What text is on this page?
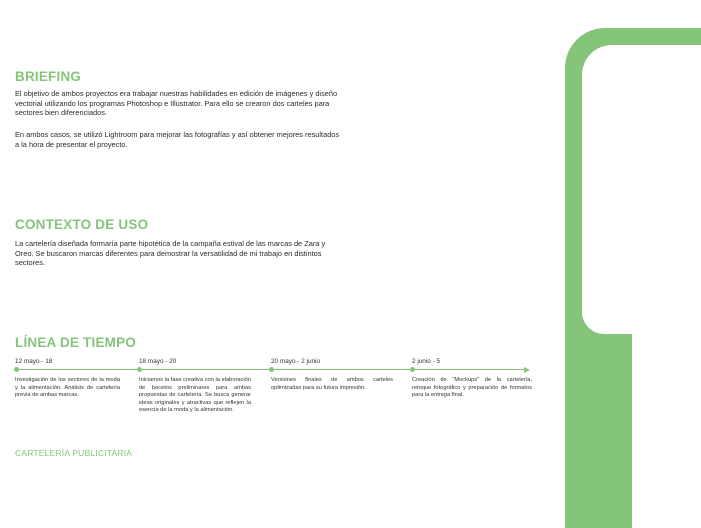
BRIEFING

El objetivo de ambos proyectos era trabajar nuestras habilidades en edición de imágenes y diseño vectorial utilizando los programas Photoshop e Illustrator. Para ello se crearon dos carteles para sectores bien diferenciados.

En ambos casos, se utilizó Lightroom para mejorar las fotografías y así obtener mejores resultados a la hora de presentar el proyecto.

CONTEXTO DE USO

La cartelería diseñada formaría parte hipotética de la campaña estival de las marcas de Zara y Oreo. Se buscaron marcas diferentes para demostrar la versatilidad de mi trabajo en distintos sectores.

LÍNEA DE TIEMPO
12 mayo - 18
Investigación de los sectores de la moda y la alimentación. Análisis de cartelería previa de ambas marcas.
18 mayo - 20
Iniciamos la fase creativa con la elaboración de bocetos preliminares para ambas propuestas de cartelería. Se busca generar ideas originales y atractivas que reflejen la esencia de la moda y la alimentación.
20 mayo - 2 junio
Versiones finales de ambos carteles optimizadas para su futura impresión.
2 junio - 5
Creación de "Mockups" de la cartelería, retoque fotográfico y preparación de formatos para la entrega final.

CARTELERÍA PUBLICITARIA
